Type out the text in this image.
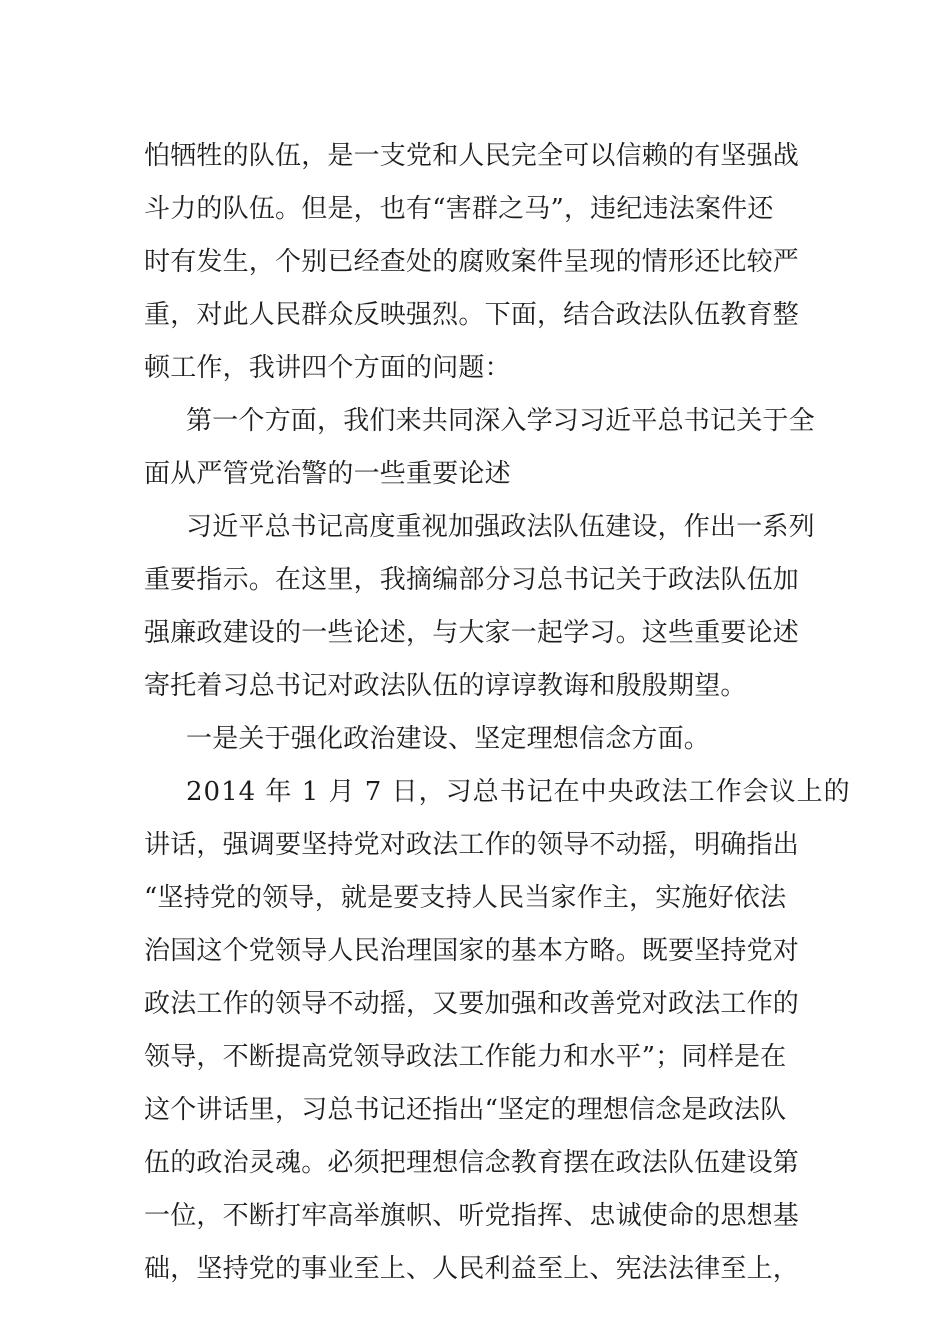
怕牺牲的队伍，是一支党和人民完全可以信赖的有坚强战
斗力的队伍。但是，也有“害群之马”，违纪违法案件还
时有发生，个别已经查处的腐败案件呈现的情形还比较严
重，对此人民群众反映强烈。下面，结合政法队伍教育整
顿工作，我讲四个方面的问题：
第一个方面，我们来共同深入学习习近平总书记关于全
面从严管党治警的一些重要论述
习近平总书记高度重视加强政法队伍建设，作出一系列
重要指示。在这里，我摘编部分习总书记关于政法队伍加
强廉政建设的一些论述，与大家一起学习。这些重要论述
寄托着习总书记对政法队伍的谆谆教诲和殷殷期望。
一是关于强化政治建设、坚定理想信念方面。
2014 年 1 月 7 日，习总书记在中央政法工作会议上的
讲话，强调要坚持党对政法工作的领导不动摇，明确指出
“坚持党的领导，就是要支持人民当家作主，实施好依法
治国这个党领导人民治理国家的基本方略。既要坚持党对
政法工作的领导不动摇，又要加强和改善党对政法工作的
领导，不断提高党领导政法工作能力和水平”；同样是在
这个讲话里，习总书记还指出“坚定的理想信念是政法队
伍的政治灵魂。必须把理想信念教育摆在政法队伍建设第
一位，不断打牢高举旗帜、听党指挥、忠诚使命的思想基
础，坚持党的事业至上、人民利益至上、宪法法律至上，
